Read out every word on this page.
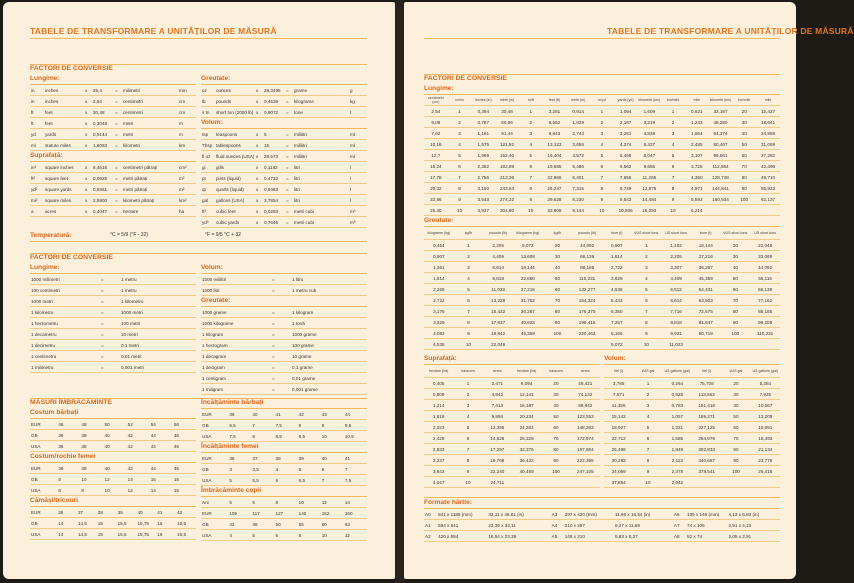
TABELE DE TRANSFORMARE A UNITĂȚILOR DE MĂSURĂ
FACTORI DE CONVERSIE
Lungime:
in	inches	x	25,4	=	milimetri	mm
in	inches	x	2,54	=	centimetri	cm
ft	feet	x	30,48	=	centimetri	cm
ft	feet	x	0,3048	=	metri	m
yd	yards	x	0,9144	=	metri	m
mi	statute miles	x	1,6093	=	kilometri	km
Suprafață:
in²	square inches	x	6,4516	=	centimetri pătrați	cm²
ft²	square feet	x	0,0929	=	metri pătrați	m²
yd²	square yards	x	0,8361	=	metri pătrați	m²
mi²	square miles	x	2,5900	=	kilometri pătrați	km²
a	acres	x	0,4047	=	hectare	ha
Greutate:
oz	ounces	x	28,3495	=	grame	g
lb	pounds	x	0,4536	=	kilograme	kg
s tn	short ton (2000 lb)	x	0,9072	=	tone	t
Volum:
tsp	teaspoons	x	5	=	mililitri	ml
Tbsp	tablespoons	x	15	=	mililitri	ml
fl oz	fluid ounces (USA)	x	29,573	=	mililitri	ml
gi	gills	x	0,1182	=	litri	l
pt	pints (liquid)	x	0,4732	=	litri	l
qt	quarts (liquid)	x	0,9463	=	litri	l
gal	gallons (USA)	x	3,7854	=	litri	l
ft³	cubic feet	x	0,0283	=	metri cubi	m³
yd³	cubic yards	x	0,7646	=	metri cubi	m³
Temperatură:	°C = 5/9 (°F - 32)	°F = 9/5 °C + 32
FACTORI DE CONVERSIE
Lungime:
1000 milimetri	=	1 metru
100 centimetri	=	1 metru
1000 metri	=	1 kilometru
1 kilometru	=	1000 metri
1 hectometru	=	100 metri
1 decametru	=	10 metri
1 decimetru	=	0,1 metri
1 centimetru	=	0,01 metri
1 milimetru	=	0,001 metri
Volum:
1000 mililitri	=	1 litru
1000 litri	=	1 metru cub
Greutate:
1000 grame	=	1 kilogram
1000 kilograme	=	1 tonă
1 kilogram	=	1000 grame
1 hectogram	=	100 grame
1 decagram	=	10 grame
1 decigram	=	0,1 grame
1 centigram	=	0,01 grame
1 miligram	=	0,001 grame
MĂSURI ÎMBRĂCĂMINTE
Costum bărbați
EUR	46	48	50	52	54	56
GB	36	38	40	42	44	46
USA	36	38	40	42	44	46
Costum/rochie femei
EUR	36	38	40	42	44	46
GB	8	10	12	14	16	18
USA	6	8	10	12	14	16
Cămăși/tricouri
EUR	36	37	38	39	40	41	42
GB	14	14,5	15	15,5	15,75	16	16,5
USA	14	14,5	15	15,5	15,75	16	16,5
Încălțăminte bărbați
EUR	39	40	41	42	43	44
GB	6,5	7	7,5	8	9	9,5
USA	7,5	8	8,5	9,5	10	10,5
Încălțăminte femei
EUR	36	37	38	39	40	41
GB	3	3,5	4	5	6	7
USA	5	5,5	6	6,5	7	7,5
Îmbrăcăminte copii
Ani	5	6	8	10	12	14
EUR	109	117	127	140	152	160
GB	43	46	50	55	60	63
USA	4	5	6	8	10	12
TABELE DE TRANSFORMARE A UNITĂȚILOR DE MĂSURĂ
FACTORI DE CONVERSIE
Lungime:
centimetri (cm)	cm/in	inches (in)	metri (m)	m/ft	feet (ft)	metri (m)	m/yd	yards (yd)	kilometri (km)	km/mile	mile	kilometri (km)	km/mile	mile
2,54	1	0,394	30,48	1	3,281	0,914	1	1,094	1,609	1	0,621	32,187	20	12,427
5,08	2	0,787	60,96	2	6,562	1,829	2	2,187	3,219	2	1,243	48,280	30	18,641
7,62	3	1,181	91,44	3	9,843	2,743	3	3,281	4,828	3	1,864	64,374	40	24,855
10,16	4	1,575	121,92	4	13,123	3,658	4	4,374	6,437	4	2,485	80,467	50	31,069
12,7	5	1,969	152,40	5	16,404	4,572	5	5,468	8,047	5	3,107	96,561	60	37,282
15,24	6	2,362	182,88	6	19,685	5,486	6	6,562	9,656	6	3,728	112,654	70	43,496
17,78	7	2,756	213,36	7	22,966	6,401	7	7,655	11,265	7	4,350	128,748	80	49,710
20,32	8	3,150	243,84	8	26,247	7,315	8	8,749	12,875	8	4,971	144,841	90	55,923
22,86	9	3,543	274,32	9	29,528	8,230	9	9,843	14,484	9	5,592	160,934	100	62,137
25,40	10	3,937	304,80	10	32,808	9,144	10	10,936	16,093	10	6,214			
Greutate:
kilograme (kg)	kg/lb	pounds (lb)	kilograme (kg)	kg/lb	pounds (lb)	tone (t)	t/US short tons	US short tons	tone (t)	t/US short tons	US short tons
0,454	1	2,205	9,072	20	44,092	0,907	1	1,102	18,144	20	22,046
0,907	2	4,409	13,608	30	66,139	1,814	2	2,205	27,216	30	33,069
1,361	3	6,614	18,144	40	88,185	2,722	3	3,307	36,287	40	44,092
1,814	4	8,818	22,680	50	110,231	3,629	4	4,409	45,359	50	55,116
2,268	5	11,023	27,216	60	132,277	4,536	5	5,512	54,431	60	66,139
2,722	6	13,228	31,752	70	154,324	5,443	6	6,614	63,503	70	77,162
3,175	7	15,432	36,287	80	176,370	6,350	7	7,716	72,575	80	88,185
3,629	8	17,637	40,823	90	198,416	7,257	8	8,818	81,647	90	99,208
4,082	9	19,842	45,359	100	220,462	8,165	9	9,921	90,719	100	110,231
4,536	10	22,046				9,072	10	11,023			
Suprafață:
hectare (ha)	ha/acres	acres	hectare (ha)	ha/acres	acres
0,405	1	2,471	8,094	20	49,421
0,809	2	4,942	12,141	30	74,132
1,214	3	7,413	16,187	40	98,842
1,619	4	9,884	20,234	50	123,553
2,023	5	12,355	24,281	60	148,263
2,428	6	14,826	28,328	70	172,974
2,833	7	17,297	32,375	80	197,684
3,237	8	19,768	36,422	90	222,395
3,642	9	22,240	40,469	100	247,105
4,047	10	24,711			
Volum:
litri (l)	l/US gal	US gallons (gal)	litri (l)	l/US gal	US gallons (gal)
3,785	1	0,264	75,708	20	5,284
7,571	2	0,528	113,562	30	7,925
11,356	3	0,793	151,416	40	10,567
15,142	4	1,057	189,271	50	13,209
18,927	5	1,321	227,125	60	15,851
22,712	6	1,585	264,979	70	18,493
26,498	7	1,849	302,833	80	21,134
30,283	8	2,113	340,687	90	23,776
34,069	9	2,378	378,541	100	26,418
37,854	10	2,642			
Formate hârtie:
A0	841 x 1189 (mm)	33,11 x 46,81 (in)	A3	297 x 420 (mm)	11,69 x 16,54 (in)	A6	105 x 148 (mm)	4,13 x 5,83 (in)
A1	594 x 841	23,39 x 33,11	A4	210 x 297	8,27 x 11,69	A7	74 x 105	2,91 x 4,13
A2	420 x 594	16,54 x 23,39	A5	148 x 210	5,83 x 8,27	A8	52 x 74	2,05 x 2,91
